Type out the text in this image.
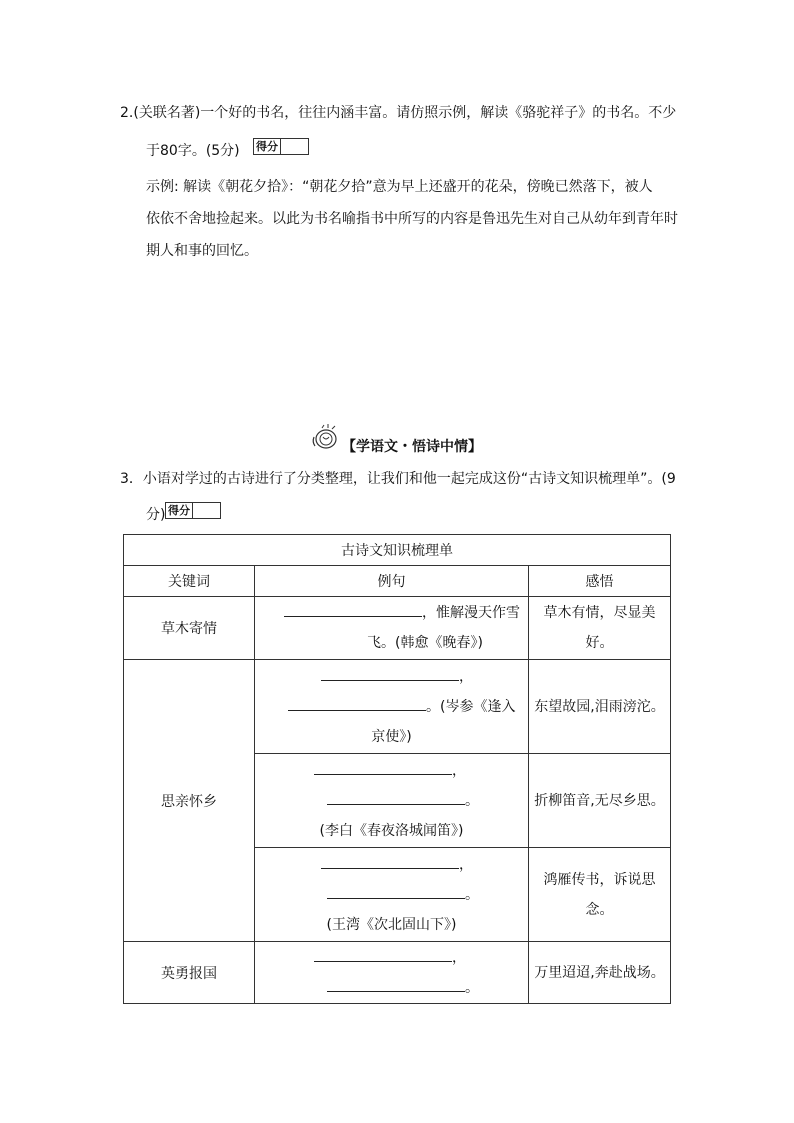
2.(关联名著)一个好的书名，往往内涵丰富。请仿照示例，解读《骆驼祥子》的书名。不少
于80字。(5分) 得分
示例: 解读《朝花夕拾》：“朝花夕拾”意为早上还盛开的花朵，傍晚已然落下，被人
依依不舍地捡起来。以此为书名喻指书中所写的内容是鲁迅先生对自己从幼年到青年时
期人和事的回忆。
【学语文・悟诗中情】
3．小语对学过的古诗进行了分类整理，让我们和他一起完成这份“古诗文知识梳理单”。(9
分) 得分
古诗文知识梳理单		
关键词	例句	感悟
草木寄情	，惟解漫天作雪
飞。(韩愈《晚春》)	草木有情，尽显美
好。

思亲怀乡	，
。(岑参《逢入
京使》)	东望故园,泪雨滂沱。

	，
。
(李白《春夜洛城闻笛》)	折柳笛音,无尽乡思。

	，
。
(王湾《次北固山下》)	鸿雁传书，诉说思
念。

英勇报国	，
。	万里迢迢,奔赴战场。
